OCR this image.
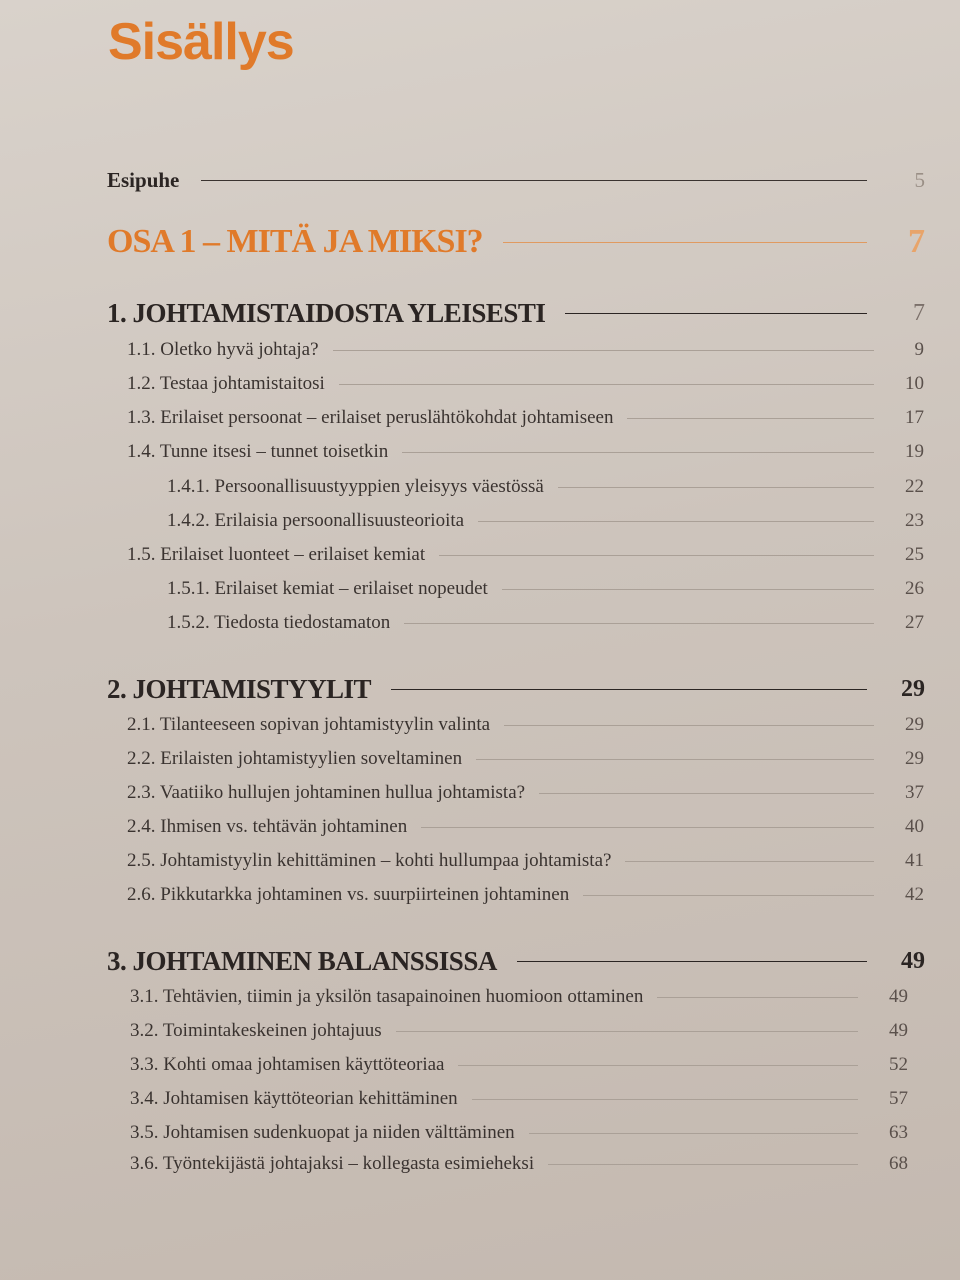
Sisällys
Esipuhe	5
OSA 1 – MITÄ JA MIKSI?	7
1. JOHTAMISTAIDOSTA YLEISESTI	7
1.1. Oletko hyvä johtaja?	9
1.2. Testaa johtamistaitosi	10
1.3. Erilaiset persoonat – erilaiset peruslähtökohdat johtamiseen	17
1.4. Tunne itsesi – tunnet toisetkin	19
1.4.1. Persoonallisuustyyppien yleisyys väestössä	22
1.4.2. Erilaisia persoonallisuusteorioita	23
1.5. Erilaiset luonteet – erilaiset kemiat	25
1.5.1. Erilaiset kemiat – erilaiset nopeudet	26
1.5.2. Tiedosta tiedostamaton	27
2. JOHTAMISTYYLIT	29
2.1. Tilanteeseen sopivan johtamistyylin valinta	29
2.2. Erilaisten johtamistyylien soveltaminen	29
2.3. Vaatiiko hullujen johtaminen hullua johtamista?	37
2.4. Ihmisen vs. tehtävän johtaminen	40
2.5. Johtamistyylin kehittäminen – kohti hullumpaa johtamista?	41
2.6. Pikkutarkka johtaminen vs. suurpiirteinen johtaminen	42
3. JOHTAMINEN BALANSSISSA	49
3.1. Tehtävien, tiimin ja yksilön tasapainoinen huomioon ottaminen	49
3.2. Toimintakeskeinen johtajuus	49
3.3. Kohti omaa johtamisen käyttöteoriaa	52
3.4. Johtamisen käyttöteorian kehittäminen	57
3.5. Johtamisen sudenkuopat ja niiden välttäminen	63
3.6. Työntekijästä johtajaksi – kollegasta esimieheksi	68
